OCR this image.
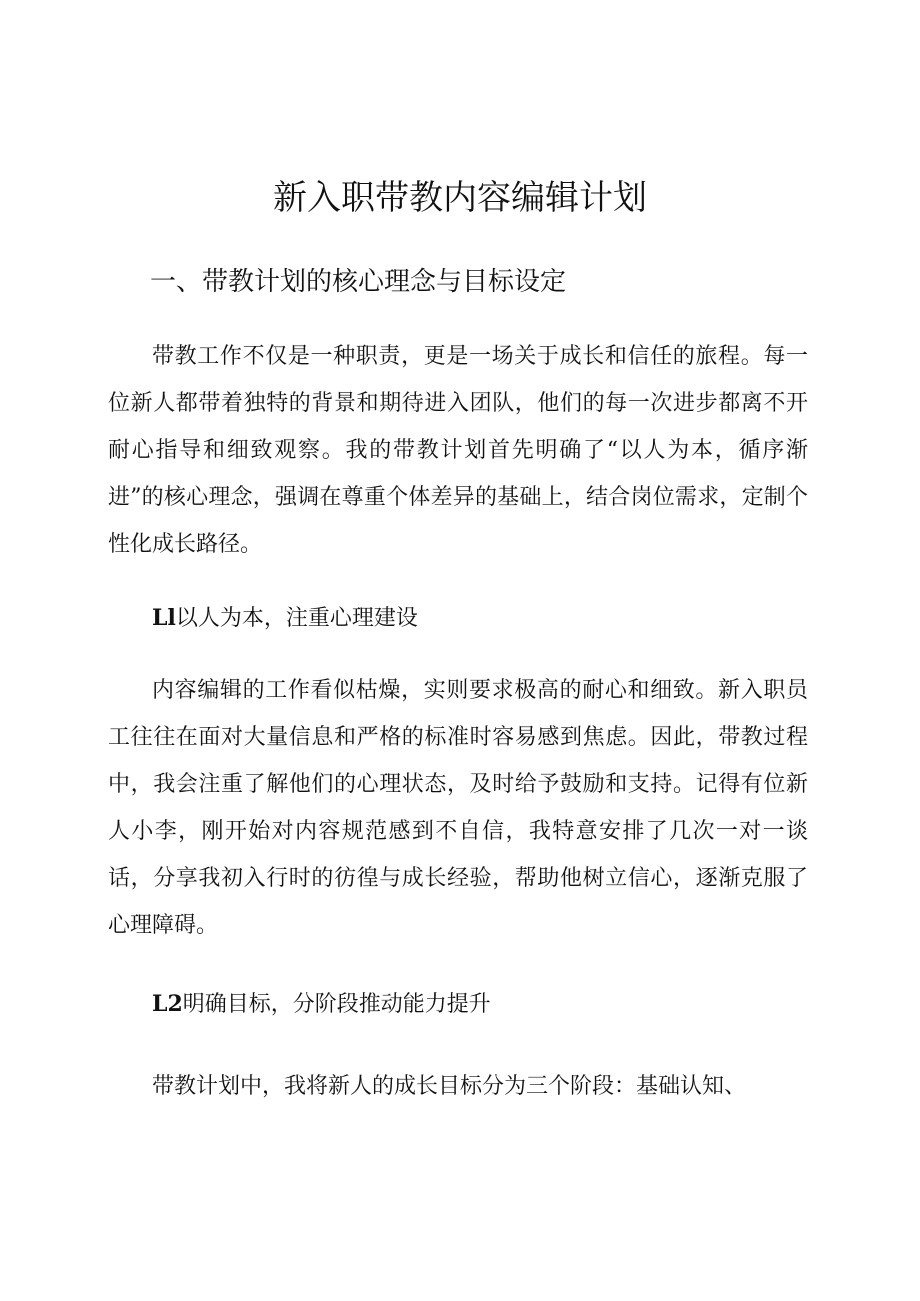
新入职带教内容编辑计划
一、带教计划的核心理念与目标设定

带教工作不仅是一种职责，更是一场关于成长和信任的旅程。每一位新人都带着独特的背景和期待进入团队，他们的每一次进步都离不开耐心指导和细致观察。我的带教计划首先明确了“以人为本，循序渐进”的核心理念，强调在尊重个体差异的基础上，结合岗位需求，定制个性化成长路径。

Ll以人为本，注重心理建设

内容编辑的工作看似枯燥，实则要求极高的耐心和细致。新入职员工往往在面对大量信息和严格的标准时容易感到焦虑。因此，带教过程中，我会注重了解他们的心理状态，及时给予鼓励和支持。记得有位新人小李，刚开始对内容规范感到不自信，我特意安排了几次一对一谈话，分享我初入行时的彷徨与成长经验，帮助他树立信心，逐渐克服了心理障碍。

L2明确目标，分阶段推动能力提升

带教计划中，我将新人的成长目标分为三个阶段：基础认知、
